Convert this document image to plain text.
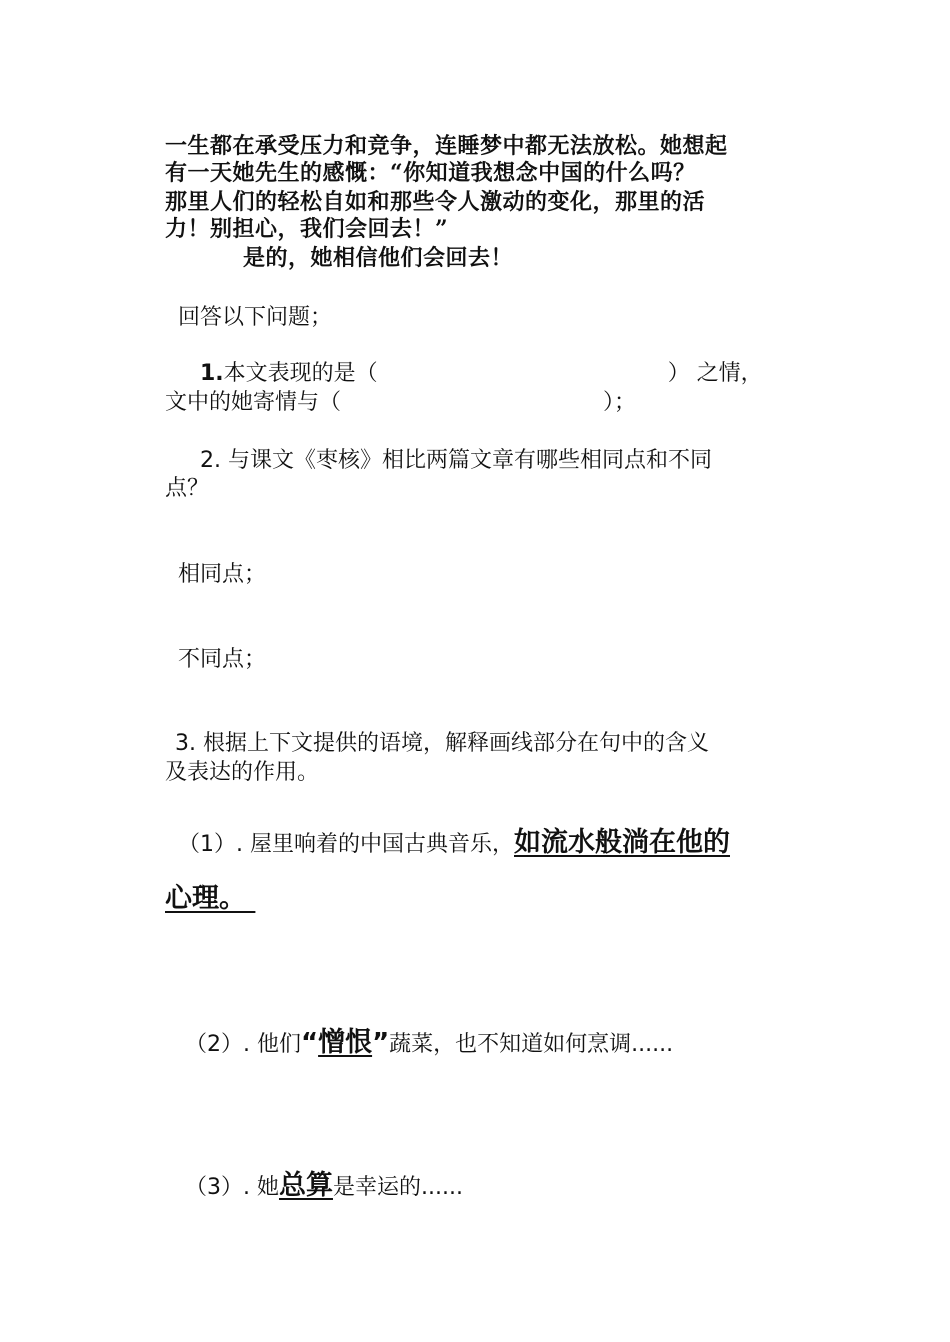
一生都在承受压力和竞争，连睡梦中都无法放松。她想起
有一天她先生的感慨：“你知道我想念中国的什么吗？
那里人们的轻松自如和那些令人激动的变化，那里的活
力！别担心，我们会回去！”
是的，她相信他们会回去！
回答以下问题；
1.本文表现的是（	） 之情，
文中的她寄情与（	）；
2. 与课文《枣核》相比两篇文章有哪些相同点和不同
点？
相同点；
不同点；
3. 根据上下文提供的语境，解释画线部分在句中的含义
及表达的作用。
（1）. 屋里响着的中国古典音乐，如流水般淌在他的
心理。
（2）. 他们“憎恨”蔬菜，也不知道如何烹调......
（3）. 她总算是幸运的......
